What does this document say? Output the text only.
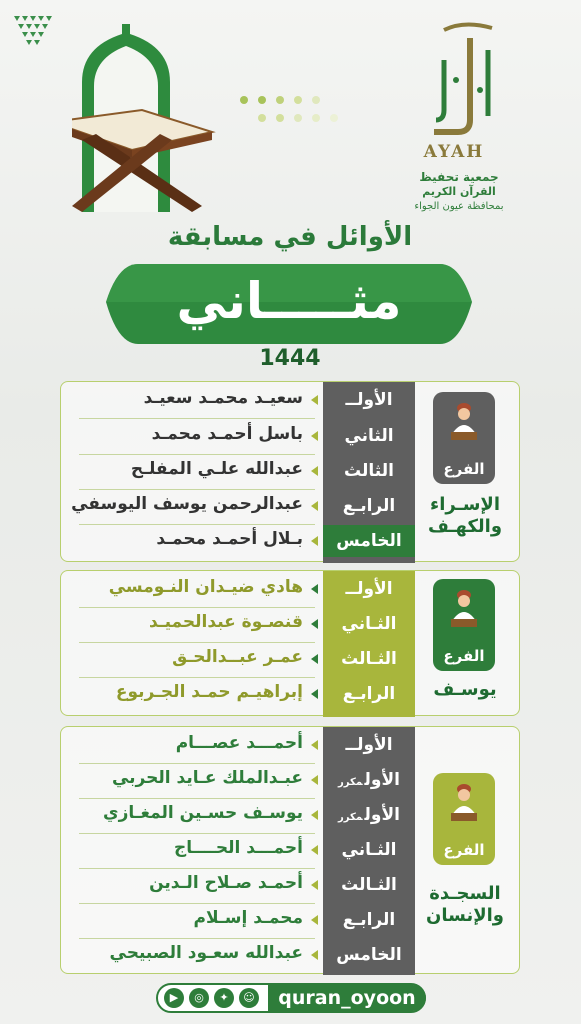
AYAH
جمعية تحفيظ
القرآن الكريم
بمحافظة عيون الجواء
الأوائل في مسابقة
مثـــــاني
1444
الفرع
الإسـراء
والكهـف
الأولــ
سعيـد محمـد سعيـد
الثاني
باسل أحمـد محمـد
الثالث
عبدالله علـي المفلـح
الرابـع
عبدالرحمن يوسف اليوسفي
الخامس
بـلال أحمـد محمـد
الفرع
يوسـف
الأولــ
هادي ضيـدان النـومسي
الثـاني
قنصـوة عبدالحميـد
الثـالث
عمـر عبــدالحـق
الرابـع
إبراهيـم حمـد الجـربوع
الفرع
السجـدة
والإنسان
الأولــ
أحمـــد عصـــام
الأولمكرر
عبـدالملك عـايد الحربي
الأولمكرر
يوسـف حسـين المغـازي
الثـاني
أحمـــد الحــــاج
الثـالث
أحمـد صـلاح الـدين
الرابـع
محمـد إسـلام
الخامس
عبدالله سعـود الصبيحي
▶	◎	✦	☺	quran_oyoon
